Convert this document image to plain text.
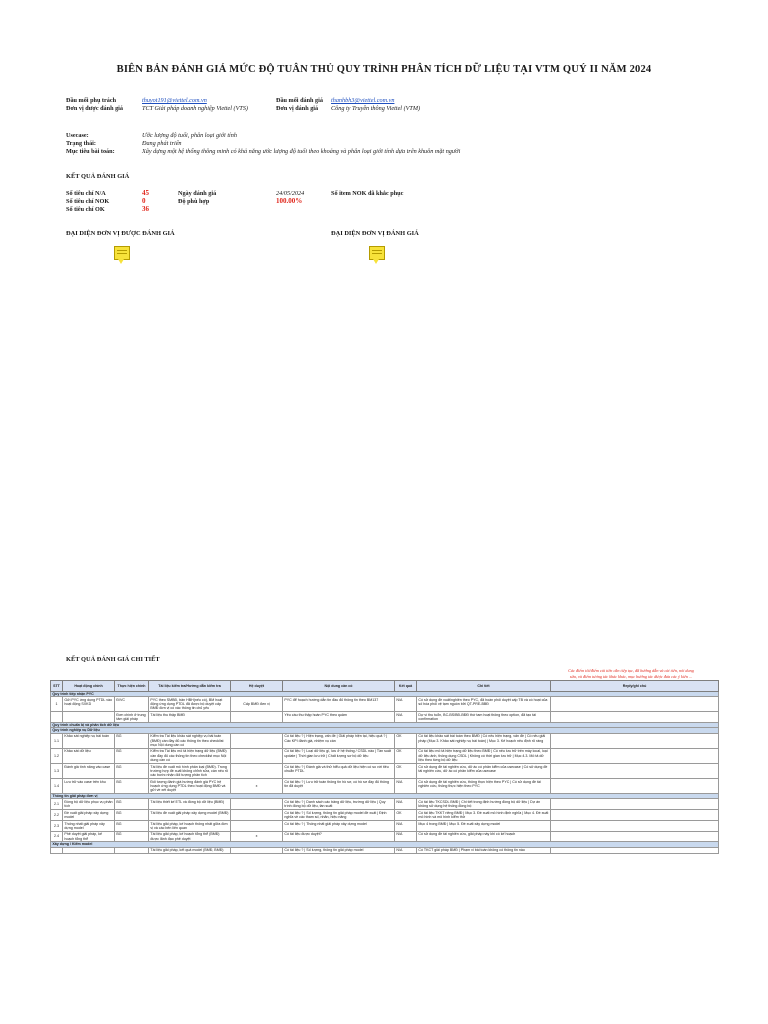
BIÊN BẢN ĐÁNH GIÁ MỨC ĐỘ TUÂN THỦ QUY TRÌNH PHÂN TÍCH DỮ LIỆU TẠI VTM QUÝ II NĂM 2024
Đầu mối phụ trách	thuyot191@viettel.com.vn
Đơn vị được đánh giá	TCT Giải pháp doanh nghiệp Viettel (VTS)
Đầu mối đánh giá thanhbh3@viettel.com.vn
Đơn vị đánh giá Công ty Truyền thông Viettel (VTM)
Usecase:	Ước lượng độ tuổi, phân loại giới tính
Trạng thái:	Đang phát triển
Mục tiêu bài toán:	Xây dựng một hệ thống thông minh có khả năng ước lượng độ tuổi theo khoảng và phân loại giới tính dựa trên khuôn mặt người
KẾT QUẢ ĐÁNH GIÁ
Số tiêu chí N/A	45
Số tiêu chí NOK	0
Số tiêu chí OK	36
Ngày đánh giá	24/05/2024
Độ phù hợp	100.00%
Số item NOK đã khắc phục
ĐẠI DIỆN ĐƠN VỊ ĐƯỢC ĐÁNH GIÁ	ĐẠI DIỆN ĐƠN VỊ ĐÁNH GIÁ
KẾT QUẢ ĐÁNH GIÁ CHI TIẾT
Các điểm tốt/điểm cải tiến cần tiếp tục, đã hướng dẫn và cải tiến, nói dung sửa, và điểm tương tác khác khác, mục hướng tác được đưa các ý kiến ...
STT	Hoạt động chính	Thực hiện chính	Tài liệu kiểm tra/Hướng dẫn kiểm tra	Hệ duyệt	Nội dung cần có	Kết quả	Chi tiết	Reply/ghi chú
Quy trình tiếp nhận PYC								
1	Gửi PYC ứng dụng PTDL vào hoạt động SXKD	Đ/VC	PYC theo SMBĐ, bản HBH(nếu có), BM hoạt động ứng dụng PTDL đã được bộ duyệt cấp BMĐ đơn vị có xác thông tin chủ yếu	Cấp BMĐ đơn vị	PYC để hoạch hướng dẫn tin đầu đủ thông tin theo BM137	N/A	Có sử dụng đề xuất/nghiên theo PYC, đã hoàn phối duyệt cấp TB và có hoạt của số hóa phối vệ tạm nguồn bởi QT-PRE-BBĐ	
		Đơn chính ở trung tâm giải pháp	Tài liệu thu thập BMĐ		Yêu cầu thu thập hoàn PYC theo quảm	N/A	Dự ví thu tuổn, BC-BS/BĐ-BĐĐ thứ tam hoạt thông theo option, đã tạo tài confirmation	
Quy trình chuẩn bị và phân tích dữ liệu								
Quy trình nghiệp vụ Dữ liệu								
1.1	Khảo sát nghiệp vụ bài toán	BG	Kiểm tra Tài liệu khảo sát nghiệp vụ bài toán (BMĐ) cần đầy đủ các thông tin theo checklist mục Nội dung cần có		Có tài liệu ? | Hiện trạng, vấn đề | Giải pháp hiện tại, hiệu quả ? | Các KPI đánh giá, nhiệm vụ cần	OK	Có tài liệu khảo sát bài toán theo BMĐ | Có nêu hiện trạng, vấn đề | Có nêu giải pháp (Mục 3. Khảo sát nghiệp vụ bài toán) | Mục 3. Kế hoạch nêu định rõ ràng	
1.2	Khảo sát dữ liệu	BG	Kiểm tra Tài liệu mô tả hiện trạng dữ liệu (BMĐ) cần đầy đủ các thông tin theo checklist mục Nội dung cần có		Có tài liệu ? | Loại dữ liệu gì, lưu ở hệ thống / CSDL nào | Tần suất update | Thời gian lưu trữ | Chất lượng sơ bộ dữ liệu	OK	Có tài liệu mô tả hiện trạng dữ liệu theo BMĐ | Có nêu lưu trữ trên máy local, loại dữ liệu ảnh, thông dụng CSDL | Không có thời gian lưu trữ | Mục 4.3. Mô tả dữ liệu theo từng bộ dữ liệu	
1.3	Đánh giá tính năng vào case	BG	Tài liệu đề xuất mô hình phân loại (BMĐ). Trong trường hợp đề xuất không chỉnh sửa, cần nêu rõ các bước nhận đối tượng phân tích		Có tài liệu ? | Đánh giá và thử hiểu quả dữ liệu hiện có so với tiêu chuẩn PTDL	OK	Có sử dụng đề tài nghiên cứu, dữ ác có phân kiểm của usecase | Có sử dụng đề tài nghiên cứu, dữ ác có phân kiểm của usecase	
1.4	Lưu trữ vào case trên khu	BG	Đối tượng đánh giá hướng đánh giá PYC hệ hoạch ứng dụng PTDL theo hoạt động BMĐ và gửi về xét duyệt	x	Có tài liệu ? | Lưu trữ toàn thông tin hồ sơ, có hồ sơ đầy đủ thông tin đã duyệt	N/A	Có sử dụng đề tài nghiên cứu, thông thực hiện theo PYC | Có sử dụng đề tài nghiên cứu, thông thực hiện theo PYC	
Thông tin giải pháp đơn vị								
2.1	Đồng bộ dữ liệu phục vụ phân tích	BG	Tài liệu thiết kế ETL và đồng bộ dữ liệu (BMĐ)		Có tài liệu ? | Danh sách các bảng dữ liệu, trường dữ liệu | Quy trình đồng bộ dữ liệu, tần suất	N/A	Có tài liệu TKCSDL BMĐ | Chi tiết trong định hướng đồng bộ dữ liệu | Dự án không sử dụng hệ thống đồng bộ	
2.2	Đề xuất giải pháp xây dựng model	BG	Tài liệu đề xuất giải pháp xây dựng model (BMĐ)		Có tài liệu ? | Số lượng, thông tin giải pháp model đề xuất | Định nghĩa về các tham số, nhãn, hiệu năng	OK	Có tài liệu TKKT riêng BMĐ | Mục 3. Đề xuất mô hình định nghĩa | Mục 4. Đề xuất mô hình và mô hình kiểm thử	
2.3	Thống nhất giải pháp xây dựng model	BG	Tài liệu giải pháp, kế hoạch thống nhất giữa đơn vị và các bên liên quan		Có tài liệu ? | Thống nhất giải pháp xây dựng model	N/A	Mục 4 trong BMĐ | Mục 5. Đề xuất xây dựng model	
2.4	Phê duyệt giải pháp, kế hoạch tổng thể	BG	Tài liệu giải pháp, kế hoạch tổng thể (BMĐ) được lãnh đạo phê duyệt	x	Có tài liệu được duyệt?	N/A	Có sử dụng đề tài nghiên cứu, giải pháp này khi có kế hoạch	
Xây dựng / Kiểm model								
			Tài liệu giải pháp, kết quả model (BMĐ, BMĐ)		Có tài liệu ? | Số lượng, thông tin giải pháp model	N/A	Có TKCT giải pháp BMĐ | Phạm vi bài toán không có thông tin nào	
